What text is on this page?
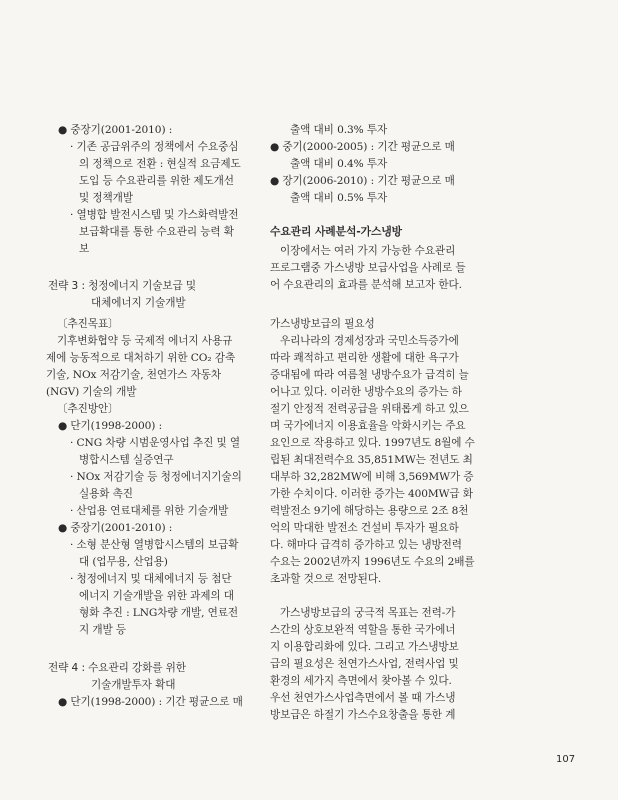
● 중장기(2001-2010) :
· 기존 공급위주의 정책에서 수요중심
의 정책으로 전환 : 현실적 요금제도
도입 등 수요관리를 위한 제도개선
및 정책개발
· 열병합 발전시스템 및 가스화력발전
보급확대를 통한 수요관리 능력 확
보
전략 3 : 청정에너지 기술보급 및
대체에너지 기술개발
〔추진목표〕
기후변화협약 등 국제적 에너지 사용규
제에 능동적으로 대처하기 위한 CO₂ 감축
기술, NOx 저감기술, 천연가스 자동차
(NGV) 기술의 개발
〔추진방안〕
● 단기(1998-2000) :
· CNG 차량 시범운영사업 추진 및 열
병합시스템 실증연구
· NOx 저감기술 등 청정에너지기술의
실용화 촉진
· 산업용 연료대체를 위한 기술개발
● 중장기(2001-2010) :
· 소형 분산형 열병합시스템의 보급확
대 (업무용, 산업용)
· 청정에너지 및 대체에너지 등 첨단
에너지 기술개발을 위한 과제의 대
형화 추진 : LNG차량 개발, 연료전
지 개발 등
전략 4 : 수요관리 강화를 위한
기술개발투자 확대
● 단기(1998-2000) : 기간 평균으로 매
출액 대비 0.3% 투자
● 중기(2000-2005) : 기간 평균으로 매
출액 대비 0.4% 투자
● 장기(2006-2010) : 기간 평균으로 매
출액 대비 0.5% 투자
수요관리 사례분석-가스냉방
이장에서는 여러 가지 가능한 수요관리
프로그램중 가스냉방 보급사업을 사례로 들
어 수요관리의 효과를 분석해 보고자 한다.
가스냉방보급의 필요성
우리나라의 경제성장과 국민소득증가에
따라 쾌적하고 편리한 생활에 대한 욕구가
증대됨에 따라 여름철 냉방수요가 급격히 늘
어나고 있다. 이러한 냉방수요의 증가는 하
절기 안정적 전력공급을 위태롭게 하고 있으
며 국가에너지 이용효율을 악화시키는 주요
요인으로 작용하고 있다. 1997년도 8월에 수
립된 최대전력수요 35,851MW는 전년도 최
대부하 32,282MW에 비해 3,569MW가 증
가한 수치이다. 이러한 증가는 400MW급 화
력발전소 9기에 해당하는 용량으로 2조 8천
억의 막대한 발전소 건설비 투자가 필요하
다. 해마다 급격히 증가하고 있는 냉방전력
수요는 2002년까지 1996년도 수요의 2배를
초과할 것으로 전망된다.
가스냉방보급의 궁극적 목표는 전력-가
스간의 상호보완적 역할을 통한 국가에너
지 이용합리화에 있다. 그리고 가스냉방보
급의 필요성은 천연가스사업, 전력사업 및
환경의 세가지 측면에서 찾아볼 수 있다.
우선 천연가스사업측면에서 볼 때 가스냉
방보급은 하절기 가스수요창출을 통한 계
107
